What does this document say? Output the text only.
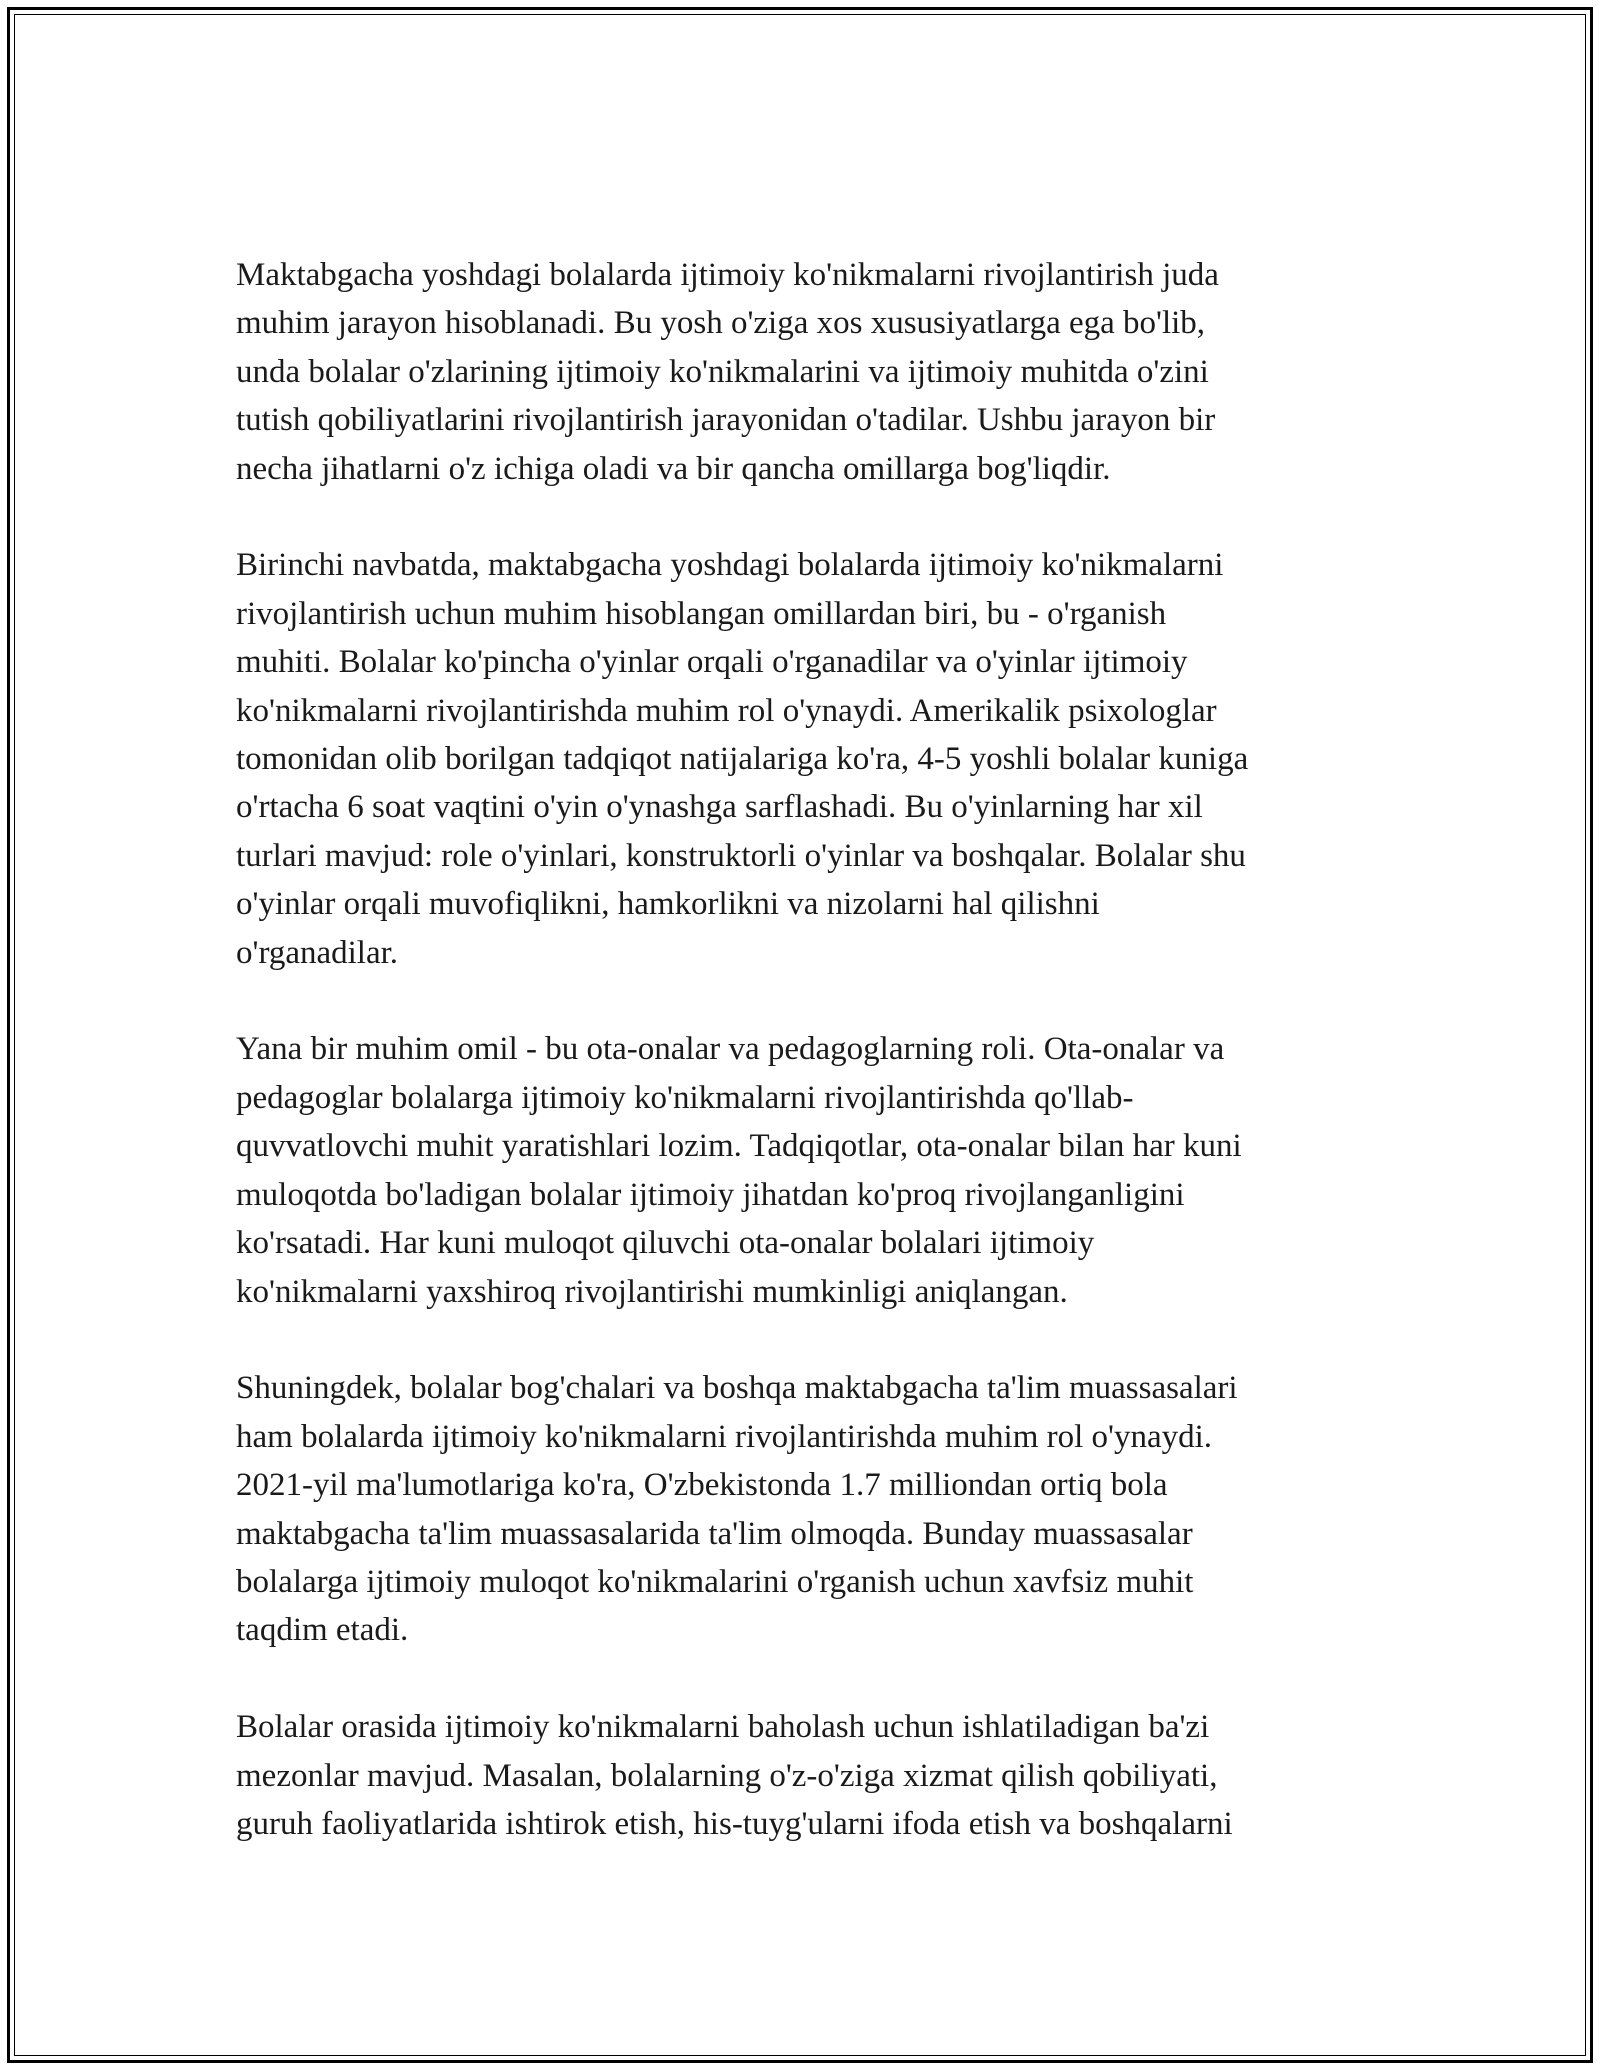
Maktabgacha yoshdagi bolalarda ijtimoiy ko'nikmalarni rivojlantirish juda
muhim jarayon hisoblanadi. Bu yosh o'ziga xos xususiyatlarga ega bo'lib,
unda bolalar o'zlarining ijtimoiy ko'nikmalarini va ijtimoiy muhitda o'zini
tutish qobiliyatlarini rivojlantirish jarayonidan o'tadilar. Ushbu jarayon bir
necha jihatlarni o'z ichiga oladi va bir qancha omillarga bog'liqdir.

Birinchi navbatda, maktabgacha yoshdagi bolalarda ijtimoiy ko'nikmalarni
rivojlantirish uchun muhim hisoblangan omillardan biri, bu - o'rganish
muhiti. Bolalar ko'pincha o'yinlar orqali o'rganadilar va o'yinlar ijtimoiy
ko'nikmalarni rivojlantirishda muhim rol o'ynaydi. Amerikalik psixologlar
tomonidan olib borilgan tadqiqot natijalariga ko'ra, 4-5 yoshli bolalar kuniga
o'rtacha 6 soat vaqtini o'yin o'ynashga sarflashadi. Bu o'yinlarning har xil
turlari mavjud: role o'yinlari, konstruktorli o'yinlar va boshqalar. Bolalar shu
o'yinlar orqali muvofiqlikni, hamkorlikni va nizolarni hal qilishni
o'rganadilar.

Yana bir muhim omil - bu ota-onalar va pedagoglarning roli. Ota-onalar va
pedagoglar bolalarga ijtimoiy ko'nikmalarni rivojlantirishda qo'llab-
quvvatlovchi muhit yaratishlari lozim. Tadqiqotlar, ota-onalar bilan har kuni
muloqotda bo'ladigan bolalar ijtimoiy jihatdan ko'proq rivojlanganligini
ko'rsatadi. Har kuni muloqot qiluvchi ota-onalar bolalari ijtimoiy
ko'nikmalarni yaxshiroq rivojlantirishi mumkinligi aniqlangan.

Shuningdek, bolalar bog'chalari va boshqa maktabgacha ta'lim muassasalari
ham bolalarda ijtimoiy ko'nikmalarni rivojlantirishda muhim rol o'ynaydi.
2021-yil ma'lumotlariga ko'ra, O'zbekistonda 1.7 milliondan ortiq bola
maktabgacha ta'lim muassasalarida ta'lim olmoqda. Bunday muassasalar
bolalarga ijtimoiy muloqot ko'nikmalarini o'rganish uchun xavfsiz muhit
taqdim etadi.

Bolalar orasida ijtimoiy ko'nikmalarni baholash uchun ishlatiladigan ba'zi
mezonlar mavjud. Masalan, bolalarning o'z-o'ziga xizmat qilish qobiliyati,
guruh faoliyatlarida ishtirok etish, his-tuyg'ularni ifoda etish va boshqalarni
